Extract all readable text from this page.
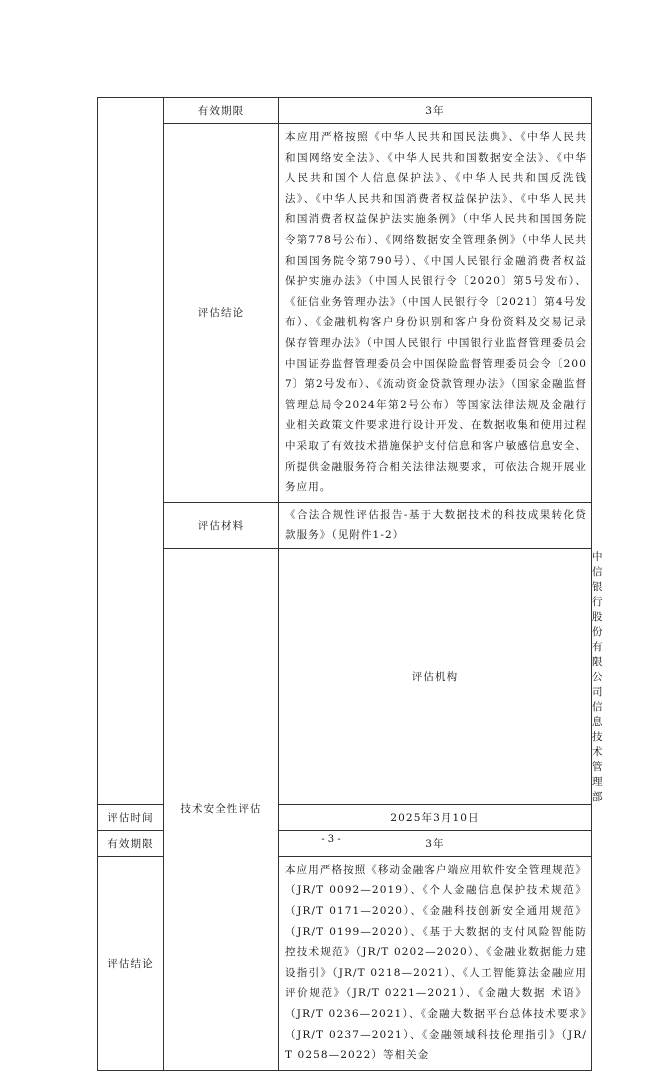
	有效期限	3年	
	评估结论	本应用严格按照《中华人民共和国民法典》、《中华人民共和国网络安全法》、《中华人民共和国数据安全法》、《中华人民共和国个人信息保护法》、《中华人民共和国反洗钱法》、《中华人民共和国消费者权益保护法》、《中华人民共和国消费者权益保护法实施条例》（中华人民共和国国务院令第778号公布）、《网络数据安全管理条例》（中华人民共和国国务院令第790号）、《中国人民银行金融消费者权益保护实施办法》（中国人民银行令〔2020〕第5号发布）、《征信业务管理办法》（中国人民银行令〔2021〕第4号发布）、《金融机构客户身份识别和客户身份资料及交易记录保存管理办法》（中国人民银行 中国银行业监督管理委员会 中国证券监督管理委员会中国保险监督管理委员会令〔2007〕第2号发布）、《流动资金贷款管理办法》（国家金融监督管理总局令2024年第2号公布）等国家法律法规及金融行业相关政策文件要求进行设计开发、在数据收集和使用过程中采取了有效技术措施保护支付信息和客户敏感信息安全、所提供金融服务符合相关法律法规要求，可依法合规开展业务应用。	

	评估材料	《合法合规性评估报告-基于大数据技术的科技成果转化贷款服务》（见附件1-2）	

	技术安全性评估	评估机构	中信银行股份有限公司信息技术管理部
评估时间		2025年3月10日	
有效期限		3年	
评估结论		本应用严格按照《移动金融客户端应用软件安全管理规范》（JR/T 0092—2019）、《个人金融信息保护技术规范》（JR/T 0171—2020）、《金融科技创新安全通用规范》（JR/T 0199—2020）、《基于大数据的支付风险智能防控技术规范》（JR/T 0202—2020）、《金融业数据能力建设指引》（JR/T 0218—2021）、《人工智能算法金融应用评价规范》（JR/T 0221—2021）、《金融大数据 术语》（JR/T 0236—2021）、《金融大数据平台总体技术要求》（JR/T 0237—2021）、《金融领域科技伦理指引》（JR/T 0258—2022）等相关金	
- 3 -
